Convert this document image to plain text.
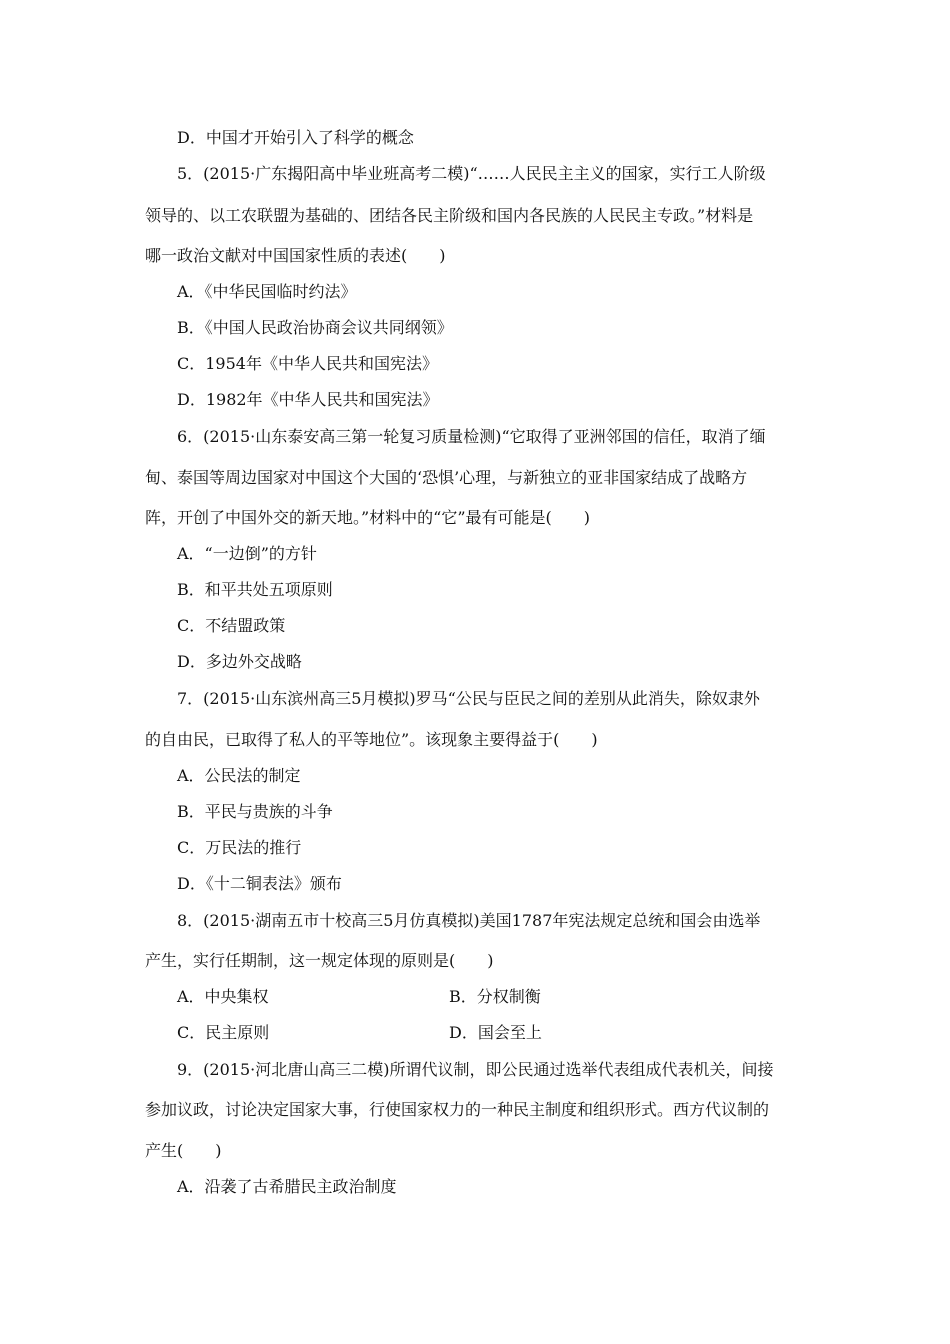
D．中国才开始引入了科学的概念
5．(2015·广东揭阳高中毕业班高考二模)“……人民民主主义的国家，实行工人阶级
领导的、以工农联盟为基础的、团结各民主阶级和国内各民族的人民民主专政。”材料是
哪一政治文献对中国国家性质的表述(　　)
A．《中华民国临时约法》
B．《中国人民政治协商会议共同纲领》
C．1954年《中华人民共和国宪法》
D．1982年《中华人民共和国宪法》
6．(2015·山东泰安高三第一轮复习质量检测)“它取得了亚洲邻国的信任，取消了缅
甸、泰国等周边国家对中国这个大国的‘恐惧’心理，与新独立的亚非国家结成了战略方
阵，开创了中国外交的新天地。”材料中的“它”最有可能是(　　)
A．“一边倒”的方针
B．和平共处五项原则
C．不结盟政策
D．多边外交战略
7．(2015·山东滨州高三5月模拟)罗马“公民与臣民之间的差别从此消失，除奴隶外
的自由民，已取得了私人的平等地位”。该现象主要得益于(　　)
A．公民法的制定
B．平民与贵族的斗争
C．万民法的推行
D．《十二铜表法》颁布
8．(2015·湖南五市十校高三5月仿真模拟)美国1787年宪法规定总统和国会由选举
产生，实行任期制，这一规定体现的原则是(　　)
A．中央集权	B．分权制衡
C．民主原则	D．国会至上
9．(2015·河北唐山高三二模)所谓代议制，即公民通过选举代表组成代表机关，间接
参加议政，讨论决定国家大事，行使国家权力的一种民主制度和组织形式。西方代议制的
产生(　　)
A．沿袭了古希腊民主政治制度
